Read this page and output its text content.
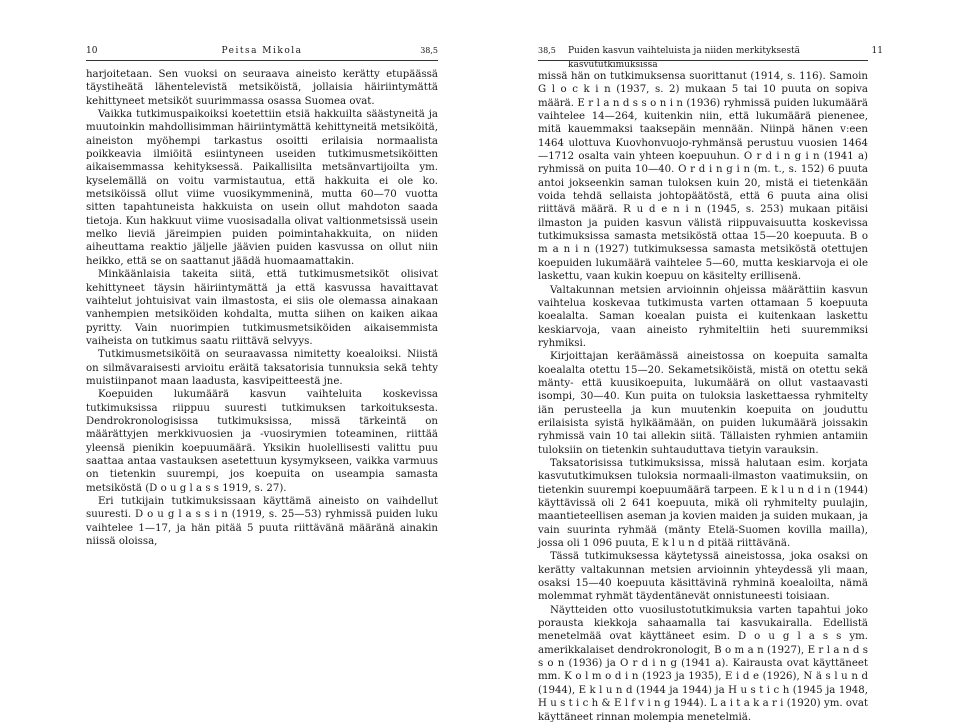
10	Peitsa Mikola	38,5

harjoitetaan. Sen vuoksi on seuraava aineisto kerätty etupäässä täystiheätä lähentelevistä metsiköistä, jollaisia häiriintymättä kehittyneet metsiköt suurimmassa osassa Suomea ovat.

Vaikka tutkimuspaikoiksi koetettiin etsiä hakkuilta säästyneitä ja muutoinkin mahdollisimman häiriintymättä kehittyneitä metsiköitä, aineiston myöhempi tarkastus osoitti erilaisia normaalista poikkeavia ilmiöitä esiintyneen useiden tutkimusmetsiköitten aikaisemmassa kehityksessä. Paikallisilta metsänvartijoilta ym. kyselemällä on voitu varmistautua, että hakkuita ei ole ko. metsiköissä ollut viime vuosikymmeninä, mutta 60—70 vuotta sitten tapahtuneista hakkuista on usein ollut mahdoton saada tietoja. Kun hakkuut viime vuosisadalla olivat valtionmetsissä usein melko lieviä järeimpien puiden poimintahakkuita, on niiden aiheuttama reaktio jäljelle jäävien puiden kasvussa on ollut niin heikko, että se on saattanut jäädä huomaamattakin.

Minkäänlaisia takeita siitä, että tutkimusmetsiköt olisivat kehittyneet täysin häiriintymättä ja että kasvussa havaittavat vaihtelut johtuisivat vain ilmastosta, ei siis ole olemassa ainakaan vanhempien metsiköiden kohdalta, mutta siihen on kaiken aikaa pyritty. Vain nuorimpien tutkimusmetsiköiden aikaisemmista vaiheista on tutkimus saatu riittävä selvyys.

Tutkimusmetsiköitä on seuraavassa nimitetty koealoiksi. Niistä on silmävaraisesti arvioitu eräitä taksatorisia tunnuksia sekä tehty muistiinpanot maan laadusta, kasvipeitteestä jne.

Koepuiden lukumäärä kasvun vaihteluita koskevissa tutkimuksissa riippuu suuresti tutkimuksen tarkoituksesta. Dendrokronologisissa tutkimuksissa, missä tärkeintä on määrättyjen merkkivuosien ja -vuosirymien toteaminen, riittää yleensä pienikin koepuumäärä. Yksikin huolellisesti valittu puu saattaa antaa vastauksen asetettuun kysymykseen, vaikka varmuus on tietenkin suurempi, jos koepuita on useampia samasta metsiköstä (D o u g l a s s 1919, s. 27).

Eri tutkijain tutkimuksissaan käyttämä aineisto on vaihdellut suuresti. D o u g l a s s i n (1919, s. 25—53) ryhmissä puiden luku vaihtelee 1—17, ja hän pitää 5 puuta riittävänä määränä ainakin niissä oloissa,

38,5	Puiden kasvun vaihteluista ja niiden merkityksestä kasvututkimuksissa
11

missä hän on tutkimuksensa suorittanut (1914, s. 116). Samoin G l o c k i n (1937, s. 2) mukaan 5 tai 10 puuta on sopiva määrä. E r l a n d s s o n i n (1936) ryhmissä puiden lukumäärä vaihtelee 14—264, kuitenkin niin, että lukumäärä pienenee, mitä kauemmaksi taaksepäin mennään. Niinpä hänen v:een 1464 ulottuva Kuovhonvuojo-ryhmänsä perustuu vuosien 1464—1712 osalta vain yhteen koepuuhun. O r d i n g i n (1941 a) ryhmissä on puita 10—40. O r d i n g i n (m. t., s. 152) 6 puuta antoi jokseenkin saman tuloksen kuin 20, mistä ei tietenkään voida tehdä sellaista johtopäätöstä, että 6 puuta aina olisi riittävä määrä. R u d e n i n (1945, s. 253) mukaan pitäisi ilmaston ja puiden kasvun välistä riippuvaisuutta koskevissa tutkimuksissa samasta metsiköstä ottaa 15—20 koepuuta. B o m a n i n (1927) tutkimuksessa samasta metsiköstä otettujen koepuiden lukumäärä vaihtelee 5—60, mutta keskiarvoja ei ole laskettu, vaan kukin koepuu on käsitelty erillisenä.

Valtakunnan metsien arvioinnin ohjeissa määrättiin kasvun vaihtelua koskevaa tutkimusta varten ottamaan 5 koepuuta koealalta. Saman koealan puista ei kuitenkaan laskettu keskiarvoja, vaan aineisto ryhmiteltiin heti suuremmiksi ryhmiksi.

Kirjoittajan keräämässä aineistossa on koepuita samalta koealalta otettu 15—20. Sekametsiköistä, mistä on otettu sekä mänty- että kuusikoepuita, lukumäärä on ollut vastaavasti isompi, 30—40. Kun puita on tuloksia laskettaessa ryhmitelty iän perusteella ja kun muutenkin koepuita on jouduttu erilaisista syistä hylkäämään, on puiden lukumäärä joissakin ryhmissä vain 10 tai allekin siitä. Tällaisten ryhmien antamiin tuloksiin on tietenkin suhtauduttava tietyin varauksin.

Taksatorisissa tutkimuksissa, missä halutaan esim. korjata kasvututkimuksen tuloksia normaali-ilmaston vaatimuksiin, on tietenkin suurempi koepuumäärä tarpeen. E k l u n d i n (1944) käyttävissä oli 2 641 koepuuta, mikä oli ryhmitelty puulajin, maantieteellisen aseman ja kovien maiden ja suiden mukaan, ja vain suurinta ryhmää (mänty Etelä-Suomen kovilla mailla), jossa oli 1 096 puuta, E k l u n d pitää riittävänä.

Tässä tutkimuksessa käytetyssä aineistossa, joka osaksi on kerätty valtakunnan metsien arvioinnin yhteydessä yli maan, osaksi 15—40 koepuuta käsittävinä ryhminä koealoilta, nämä molemmat ryhmät täydentänevät onnistuneesti toisiaan.

Näytteiden otto vuosilustotutkimuksia varten tapahtui joko porausta kiekkoja sahaamalla tai kasvukairalla. Edellistä menetelmää ovat käyttäneet esim. D o u g l a s s ym. amerikkalaiset dendrokronologit, B o m a n (1927), E r l a n d s s o n (1936) ja O r d i n g (1941 a). Kairausta ovat käyttäneet mm. K o l m o d i n (1923 ja 1935), E i d e (1926), N ä s l u n d (1944), E k l u n d (1944 ja 1944) ja H u s t i c h (1945 ja 1948, H u s t i c h & E l f v i n g 1944). L a i t a k a r i (1920) ym. ovat käyttäneet rinnan molempia menetelmiä.
